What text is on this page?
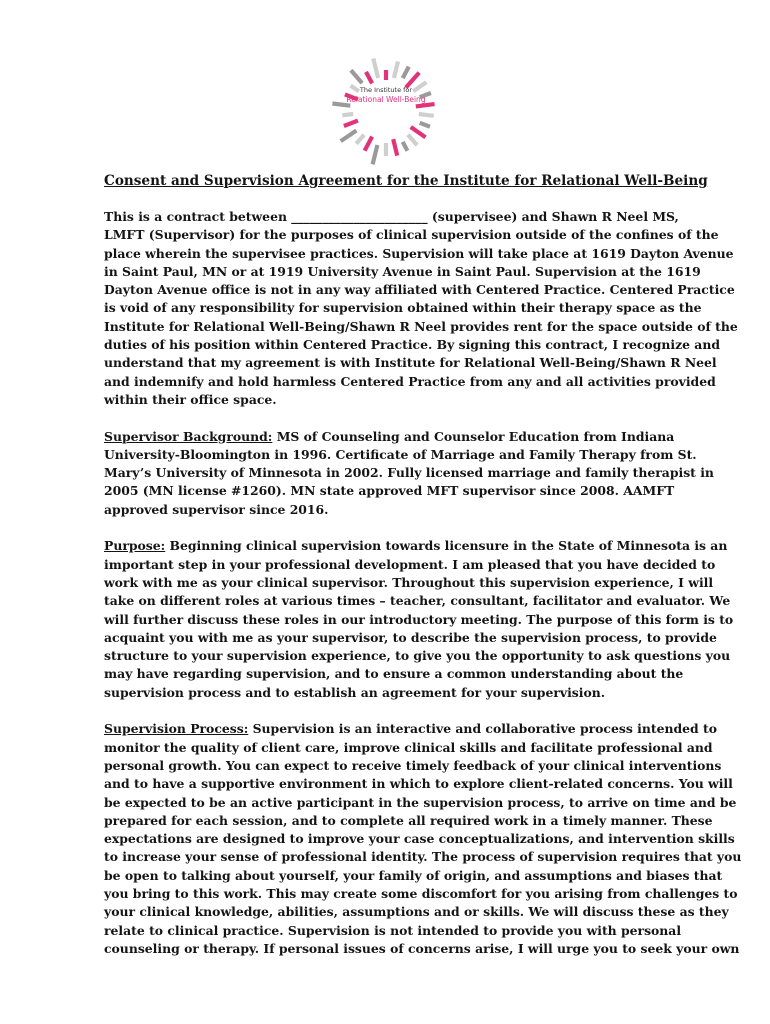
The Institute for
Relational Well-Being
Consent and Supervision Agreement for the Institute for Relational Well-Being
This is a contract between ______________________ (supervisee) and Shawn R Neel MS,
LMFT (Supervisor) for the purposes of clinical supervision outside of the confines of the
place wherein the supervisee practices. Supervision will take place at 1619 Dayton Avenue
in Saint Paul, MN or at 1919 University Avenue in Saint Paul. Supervision at the 1619
Dayton Avenue office is not in any way affiliated with Centered Practice. Centered Practice
is void of any responsibility for supervision obtained within their therapy space as the
Institute for Relational Well-Being/Shawn R Neel provides rent for the space outside of the
duties of his position within Centered Practice. By signing this contract, I recognize and
understand that my agreement is with Institute for Relational Well-Being/Shawn R Neel
and indemnify and hold harmless Centered Practice from any and all activities provided
within their office space.
Supervisor Background: MS of Counseling and Counselor Education from Indiana
University-Bloomington in 1996. Certificate of Marriage and Family Therapy from St.
Mary’s University of Minnesota in 2002. Fully licensed marriage and family therapist in
2005 (MN license #1260). MN state approved MFT supervisor since 2008. AAMFT
approved supervisor since 2016.
Purpose: Beginning clinical supervision towards licensure in the State of Minnesota is an
important step in your professional development. I am pleased that you have decided to
work with me as your clinical supervisor. Throughout this supervision experience, I will
take on different roles at various times – teacher, consultant, facilitator and evaluator. We
will further discuss these roles in our introductory meeting. The purpose of this form is to
acquaint you with me as your supervisor, to describe the supervision process, to provide
structure to your supervision experience, to give you the opportunity to ask questions you
may have regarding supervision, and to ensure a common understanding about the
supervision process and to establish an agreement for your supervision.
Supervision Process: Supervision is an interactive and collaborative process intended to
monitor the quality of client care, improve clinical skills and facilitate professional and
personal growth. You can expect to receive timely feedback of your clinical interventions
and to have a supportive environment in which to explore client-related concerns. You will
be expected to be an active participant in the supervision process, to arrive on time and be
prepared for each session, and to complete all required work in a timely manner. These
expectations are designed to improve your case conceptualizations, and intervention skills
to increase your sense of professional identity. The process of supervision requires that you
be open to talking about yourself, your family of origin, and assumptions and biases that
you bring to this work. This may create some discomfort for you arising from challenges to
your clinical knowledge, abilities, assumptions and or skills. We will discuss these as they
relate to clinical practice. Supervision is not intended to provide you with personal
counseling or therapy. If personal issues of concerns arise, I will urge you to seek your own
